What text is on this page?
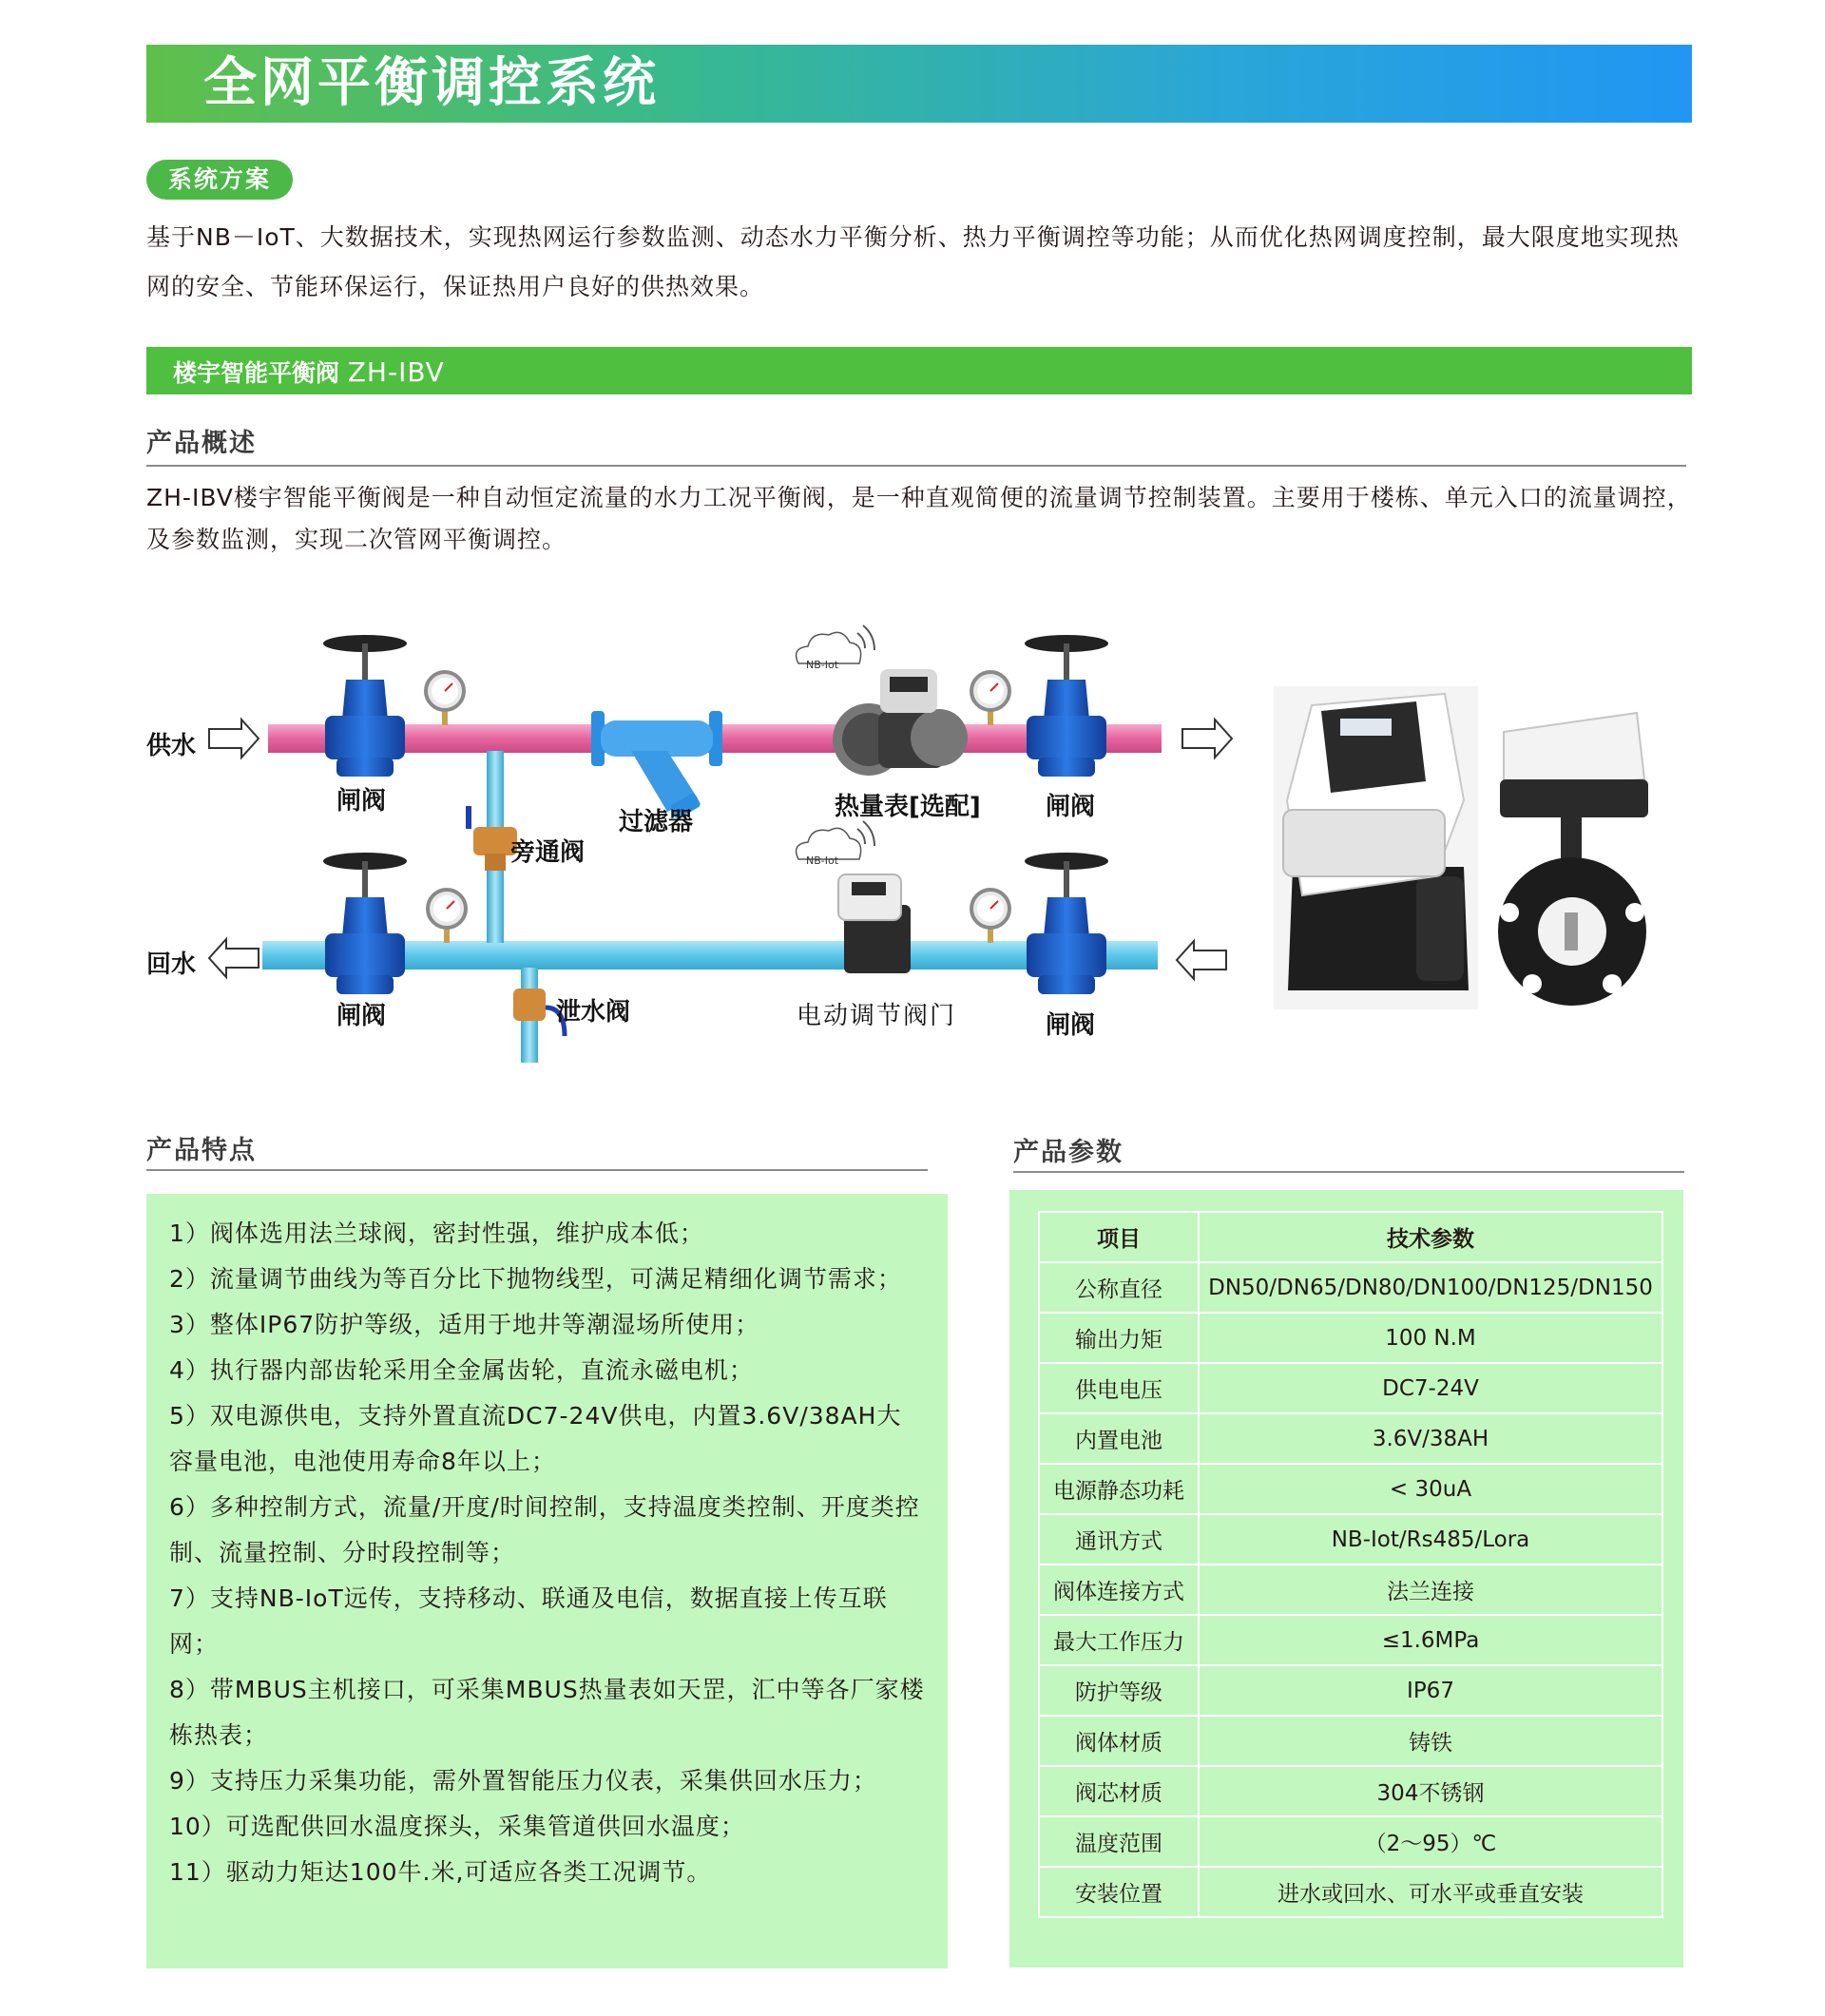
全网平衡调控系统
系统方案
基于NB－IoT、大数据技术，实现热网运行参数监测、动态水力平衡分析、热力平衡调控等功能；从而优化热网调度控制，最大限度地实现热网的安全、节能环保运行，保证热用户良好的供热效果。
楼宇智能平衡阀 ZH-IBV
产品概述
ZH-IBV楼宇智能平衡阀是一种自动恒定流量的水力工况平衡阀，是一种直观简便的流量调节控制装置。主要用于楼栋、单元入口的流量调控，及参数监测，实现二次管网平衡调控。
NB-Iot
NB-Iot
供水
回水
闸阀
闸阀
闸阀
闸阀
过滤器
热量表[选配]
旁通阀
泄水阀	电动调节阀门
产品特点
1）阀体选用法兰球阀，密封性强，维护成本低；
2）流量调节曲线为等百分比下抛物线型，可满足精细化调节需求；
3）整体IP67防护等级，适用于地井等潮湿场所使用；
4）执行器内部齿轮采用全金属齿轮，直流永磁电机；
5）双电源供电，支持外置直流DC7-24V供电，内置3.6V/38AH大容量电池，电池使用寿命8年以上；
6）多种控制方式，流量/开度/时间控制，支持温度类控制、开度类控制、流量控制、分时段控制等；
7）支持NB-IoT远传，支持移动、联通及电信，数据直接上传互联网；
8）带MBUS主机接口，可采集MBUS热量表如天罡，汇中等各厂家楼栋热表；
9）支持压力采集功能，需外置智能压力仪表，采集供回水压力；
10）可选配供回水温度探头，采集管道供回水温度；
11）驱动力矩达100牛.米,可适应各类工况调节。
产品参数
项目	技术参数
公称直径	DN50/DN65/DN80/DN100/DN125/DN150
输出力矩	100 N.M
供电电压	DC7-24V
内置电池	3.6V/38AH
电源静态功耗	< 30uA
通讯方式	NB-Iot/Rs485/Lora
阀体连接方式	法兰连接
最大工作压力	≤1.6MPa
防护等级	IP67
阀体材质	铸铁
阀芯材质	304不锈钢
温度范围	（2～95）℃
安装位置	进水或回水、可水平或垂直安装
